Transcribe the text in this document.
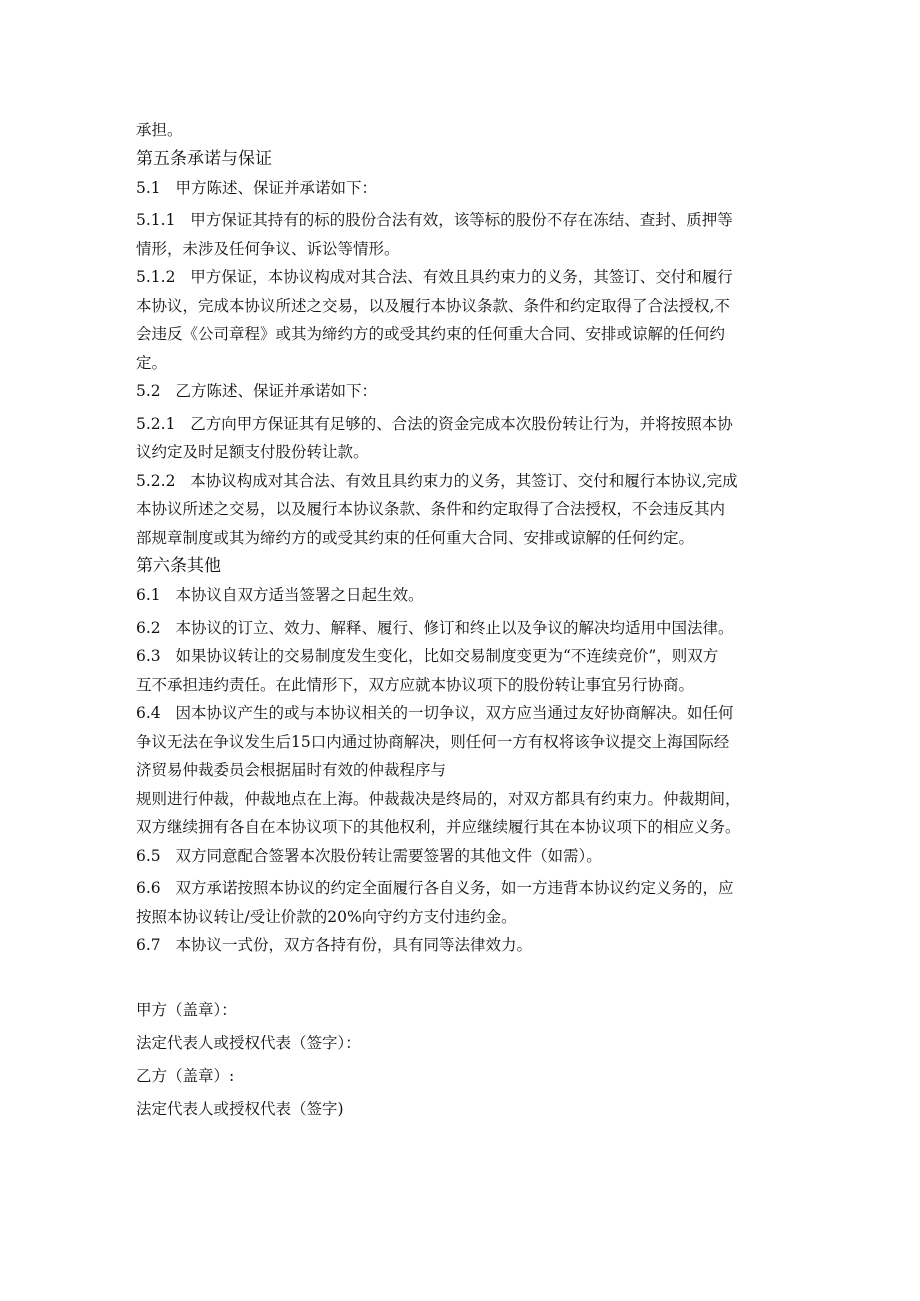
承担。
第五条承诺与保证
5.1 甲方陈述、保证并承诺如下：
5.1.1 甲方保证其持有的标的股份合法有效，该等标的股份不存在冻结、查封、质押等
情形，未涉及任何争议、诉讼等情形。
5.1.2 甲方保证，本协议构成对其合法、有效且具约束力的义务，其签订、交付和履行
本协议，完成本协议所述之交易，以及履行本协议条款、条件和约定取得了合法授权,不
会违反《公司章程》或其为缔约方的或受其约束的任何重大合同、安排或谅解的任何约
定。
5.2 乙方陈述、保证并承诺如下：
5.2.1 乙方向甲方保证其有足够的、合法的资金完成本次股份转让行为，并将按照本协
议约定及时足额支付股份转让款。
5.2.2 本协议构成对其合法、有效且具约束力的义务，其签订、交付和履行本协议,完成
本协议所述之交易，以及履行本协议条款、条件和约定取得了合法授权，不会违反其内
部规章制度或其为缔约方的或受其约束的任何重大合同、安排或谅解的任何约定。
第六条其他
6.1 本协议自双方适当签署之日起生效。
6.2 本协议的订立、效力、解释、履行、修订和终止以及争议的解决均适用中国法律。
6.3 如果协议转让的交易制度发生变化，比如交易制度变更为“不连续竞价”，则双方
互不承担违约责任。在此情形下，双方应就本协议项下的股份转让事宜另行协商。
6.4 因本协议产生的或与本协议相关的一切争议，双方应当通过友好协商解决。如任何
争议无法在争议发生后15口内通过协商解决，则任何一方有权将该争议提交上海国际经
济贸易仲裁委员会根据届时有效的仲裁程序与
规则进行仲裁，仲裁地点在上海。仲裁裁决是终局的，对双方都具有约束力。仲裁期间，
双方继续拥有各自在本协议项下的其他权利，并应继续履行其在本协议项下的相应义务。
6.5 双方同意配合签署本次股份转让需要签署的其他文件（如需）。
6.6 双方承诺按照本协议的约定全面履行各自义务，如一方违背本协议约定义务的，应
按照本协议转让/受让价款的20%向守约方支付违约金。
6.7 本协议一式份，双方各持有份，具有同等法律效力。
甲方（盖章）：
法定代表人或授权代表（签字）：
乙方（盖章）:
法定代表人或授权代表（签字)
